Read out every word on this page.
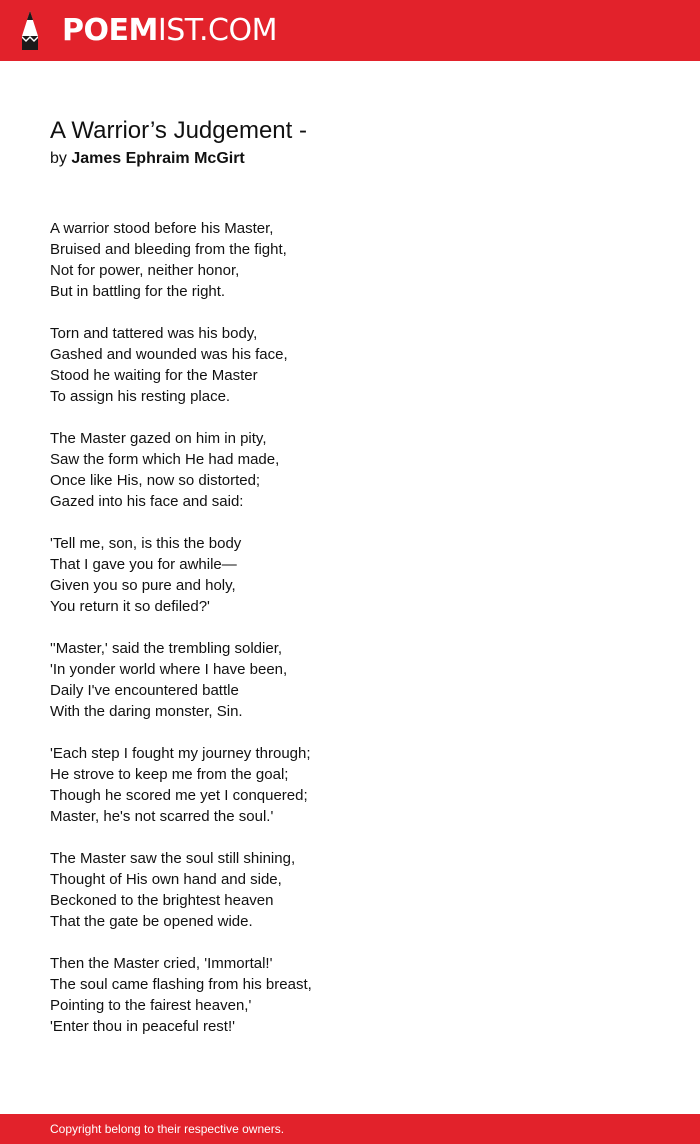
POEMIST.COM
A Warrior’s Judgement -
by James Ephraim McGirt
A warrior stood before his Master,
Bruised and bleeding from the fight,
Not for power, neither honor,
But in battling for the right.
Torn and tattered was his body,
Gashed and wounded was his face,
Stood he waiting for the Master
To assign his resting place.
The Master gazed on him in pity,
Saw the form which He had made,
Once like His, now so distorted;
Gazed into his face and said:
'Tell me, son, is this the body
That I gave you for awhile—
Given you so pure and holy,
You return it so defiled?'
''Master,' said the trembling soldier,
'In yonder world where I have been,
Daily I've encountered battle
With the daring monster, Sin.
'Each step I fought my journey through;
He strove to keep me from the goal;
Though he scored me yet I conquered;
Master, he's not scarred the soul.'
The Master saw the soul still shining,
Thought of His own hand and side,
Beckoned to the brightest heaven
That the gate be opened wide.
Then the Master cried, 'Immortal!'
The soul came flashing from his breast,
Pointing to the fairest heaven,'
'Enter thou in peaceful rest!'
Copyright belong to their respective owners.
